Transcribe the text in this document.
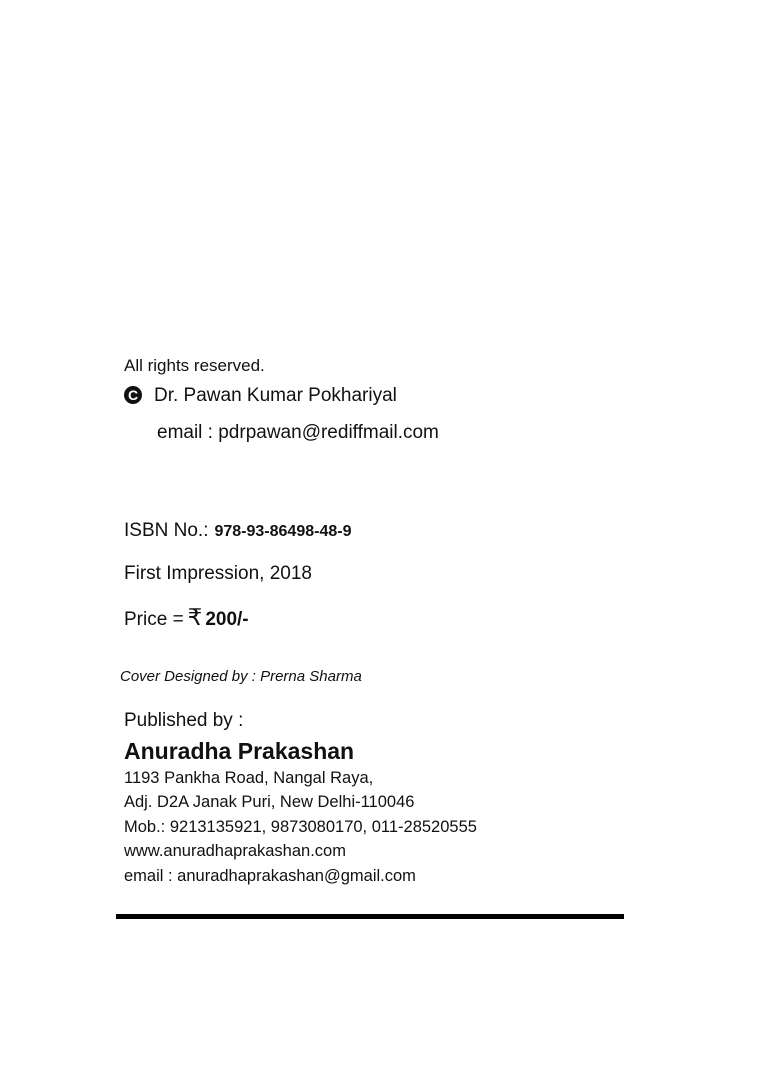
All rights reserved.
C Dr. Pawan Kumar Pokhariyal
email : pdrpawan@rediffmail.com
ISBN No.: 978-93-86498-48-9
First Impression, 2018
Price = ₹ 200/-
Cover Designed by : Prerna Sharma
Published by :
Anuradha Prakashan
1193 Pankha Road, Nangal Raya,
Adj. D2A Janak Puri, New Delhi-110046
Mob.: 9213135921, 9873080170, 011-28520555
www.anuradhaprakashan.com
email : anuradhaprakashan@gmail.com
